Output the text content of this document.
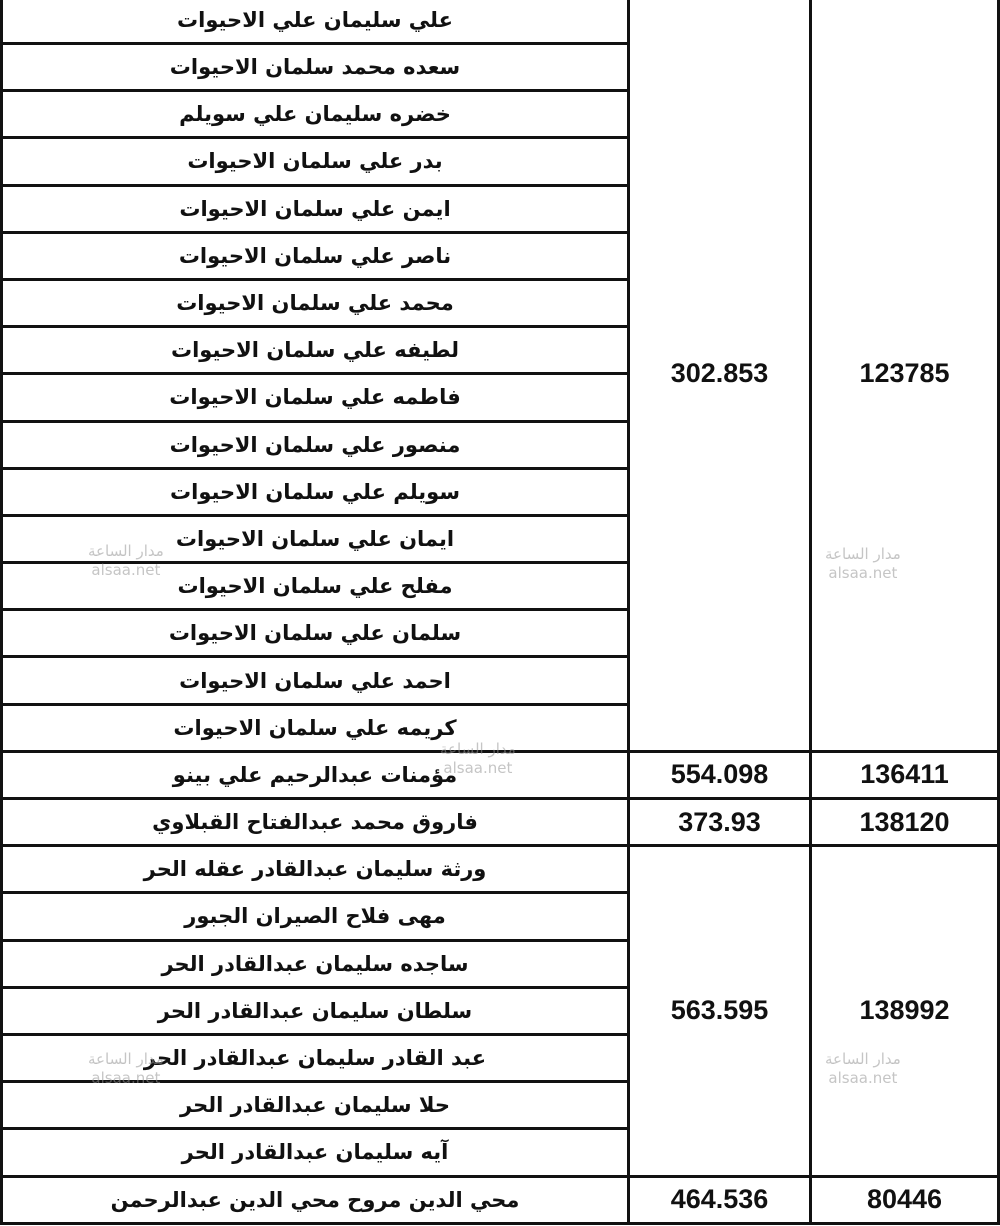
123785	302.853	علي سليمان علي الاحيوات
		سعده محمد سلمان الاحيوات
		خضره سليمان علي سويلم
		بدر علي سلمان الاحيوات
		ايمن علي سلمان الاحيوات
		ناصر علي سلمان الاحيوات
		محمد علي سلمان الاحيوات
		لطيفه علي سلمان الاحيوات
		فاطمه علي سلمان الاحيوات
		منصور علي سلمان الاحيوات
		سويلم علي سلمان الاحيوات
		ايمان علي سلمان الاحيوات
		مفلح علي سلمان الاحيوات
		سلمان علي سلمان الاحيوات
		احمد علي سلمان الاحيوات
		كريمه علي سلمان الاحيوات
136411	554.098	مؤمنات عبدالرحيم علي بينو
138120	373.93	فاروق محمد عبدالفتاح القبلاوي
138992	563.595	ورثة سليمان عبدالقادر عقله الحر
		مهى فلاح الصيران الجبور
		ساجده سليمان عبدالقادر الحر
		سلطان سليمان عبدالقادر الحر
		عبد القادر سليمان عبدالقادر الحر
		حلا سليمان عبدالقادر الحر
		آيه سليمان عبدالقادر الحر
80446	464.536	محي الدين مروح محي الدين عبدالرحمن
مدار الساعة
alsaa.net
مدار الساعة
alsaa.net
مدار الساعة
alsaa.net
مدار الساعة
alsaa.net
مدار الساعة
alsaa.net
